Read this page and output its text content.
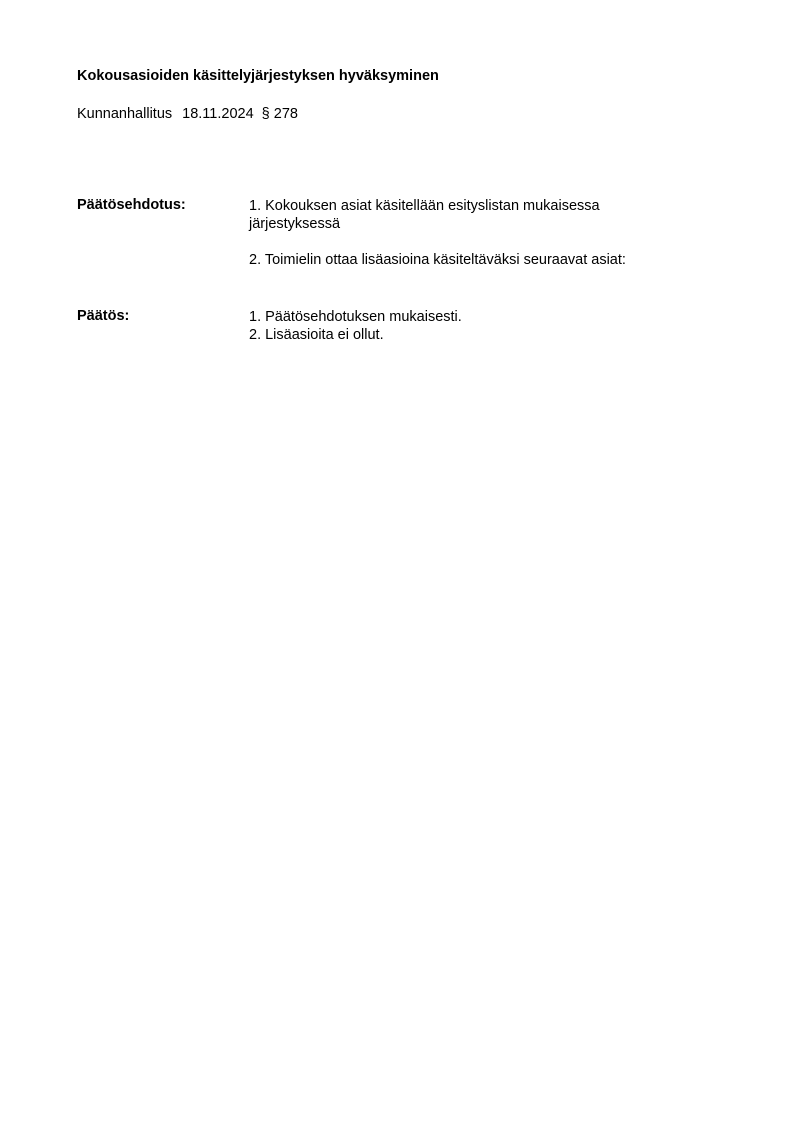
Kokousasioiden käsittelyjärjestyksen hyväksyminen
Kunnanhallitus 18.11.2024 § 278
Päätösehdotus:	1. Kokouksen asiat käsitellään esityslistan mukaisessa järjestyksessä

2. Toimielin ottaa lisäasioina käsiteltäväksi seuraavat asiat:

Päätös:	1. Päätösehdotuksen mukaisesti.

2. Lisäasioita ei ollut.
